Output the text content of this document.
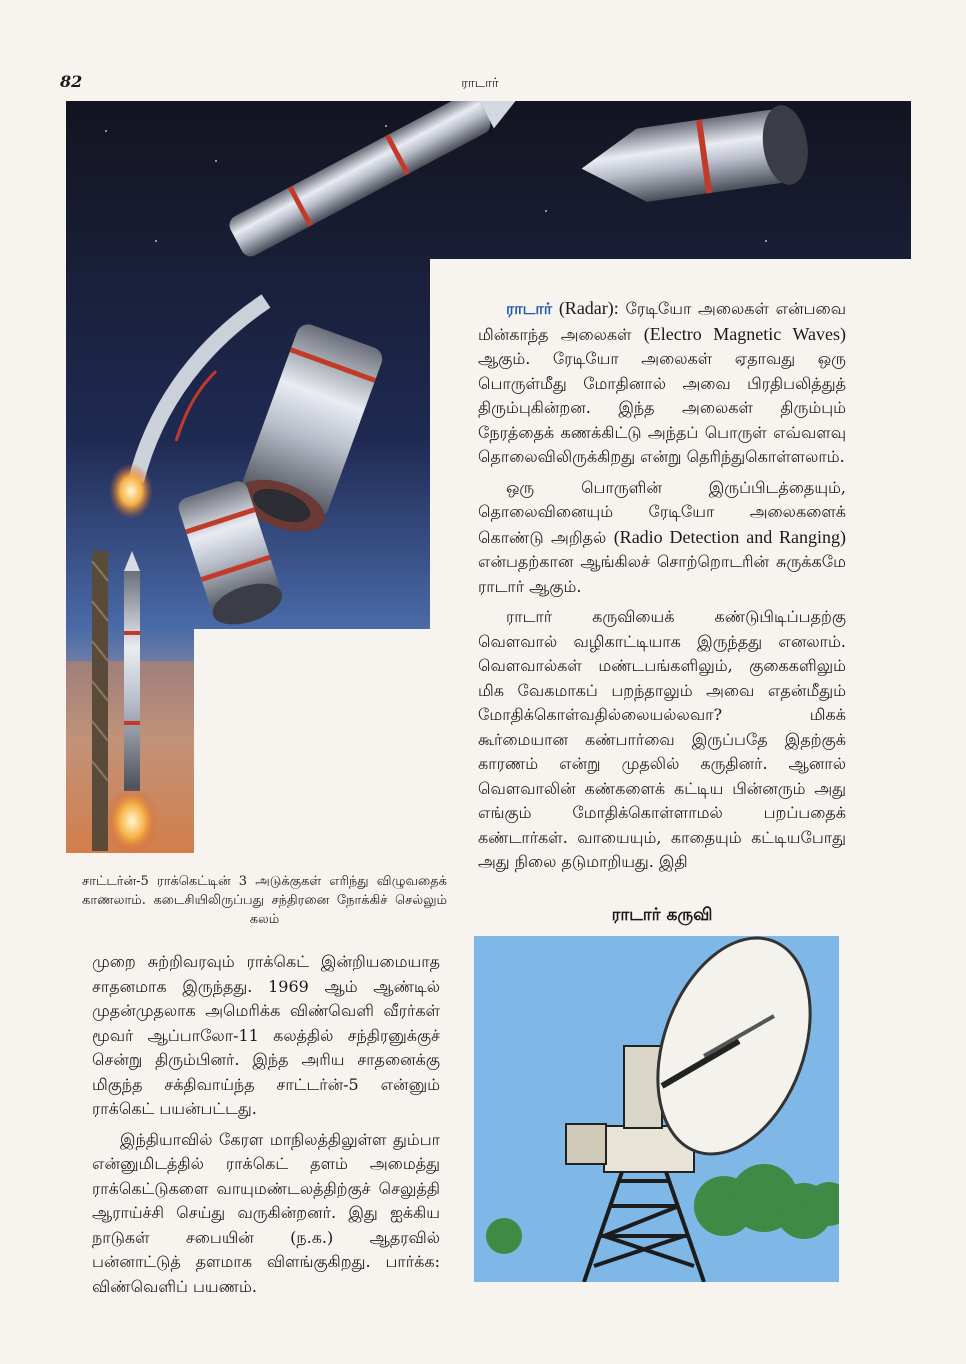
82	ராடார்
சாட்டர்ன்-5 ராக்கெட்டின் 3 அடுக்குகள் எரிந்து விழுவதைக் காணலாம். கடைசியிலிருப்பது சந்திரனை நோக்கிச் செல்லும் கலம்

ராடார் (Radar): ரேடியோ அலைகள் என்பவை மின்காந்த அலைகள் (Electro Magnetic Waves) ஆகும். ரேடியோ அலைகள் ஏதாவது ஒரு பொருள்மீது மோதினால் அவை பிரதிபலித்துத் திரும்புகின்றன. இந்த அலைகள் திரும்பும் நேரத்தைக் கணக்கிட்டு அந்தப் பொருள் எவ்வளவு தொலைவிலிருக்கிறது என்று தெரிந்துகொள்ளலாம்.

ஒரு பொருளின் இருப்பிடத்தையும், தொலைவினையும் ரேடியோ அலைகளைக் கொண்டு அறிதல் (Radio Detection and Ranging) என்பதற்கான ஆங்கிலச் சொற்றொடரின் சுருக்கமே ராடார் ஆகும்.

ராடார் கருவியைக் கண்டுபிடிப்பதற்கு வௌவால் வழிகாட்டியாக இருந்தது எனலாம். வௌவால்கள் மண்டபங்களிலும், குகைகளிலும் மிக வேகமாகப் பறந்தாலும் அவை எதன்மீதும் மோதிக்கொள்வதில்லையல்லவா? மிகக் கூர்மையான கண்பார்வை இருப்பதே இதற்குக் காரணம் என்று முதலில் கருதினர். ஆனால் வௌவாலின் கண்களைக் கட்டிய பின்னரும் அது எங்கும் மோதிக்கொள்ளாமல் பறப்பதைக் கண்டார்கள். வாயையும், காதையும் கட்டியபோது அது நிலை தடுமாறியது. இதி

ராடார் கருவி

முறை சுற்றிவரவும் ராக்கெட் இன்றியமையாத சாதனமாக இருந்தது. 1969 ஆம் ஆண்டில் முதன்முதலாக அமெரிக்க விண்வெளி வீரர்கள் மூவர் ஆப்பாலோ-11 கலத்தில் சந்திரனுக்குச் சென்று திரும்பினர். இந்த அரிய சாதனைக்கு மிகுந்த சக்திவாய்ந்த சாட்டர்ன்-5 என்னும் ராக்கெட் பயன்பட்டது.

இந்தியாவில் கேரள மாநிலத்திலுள்ள தும்பா என்னுமிடத்தில் ராக்கெட் தளம் அமைத்து ராக்கெட்டுகளை வாயுமண்டலத்திற்குச் செலுத்தி ஆராய்ச்சி செய்து வருகின்றனர். இது ஐக்கிய நாடுகள் சபையின் (ந.க.) ஆதரவில் பன்னாட்டுத் தளமாக விளங்குகிறது. பார்க்க: விண்வெளிப் பயணம்.
